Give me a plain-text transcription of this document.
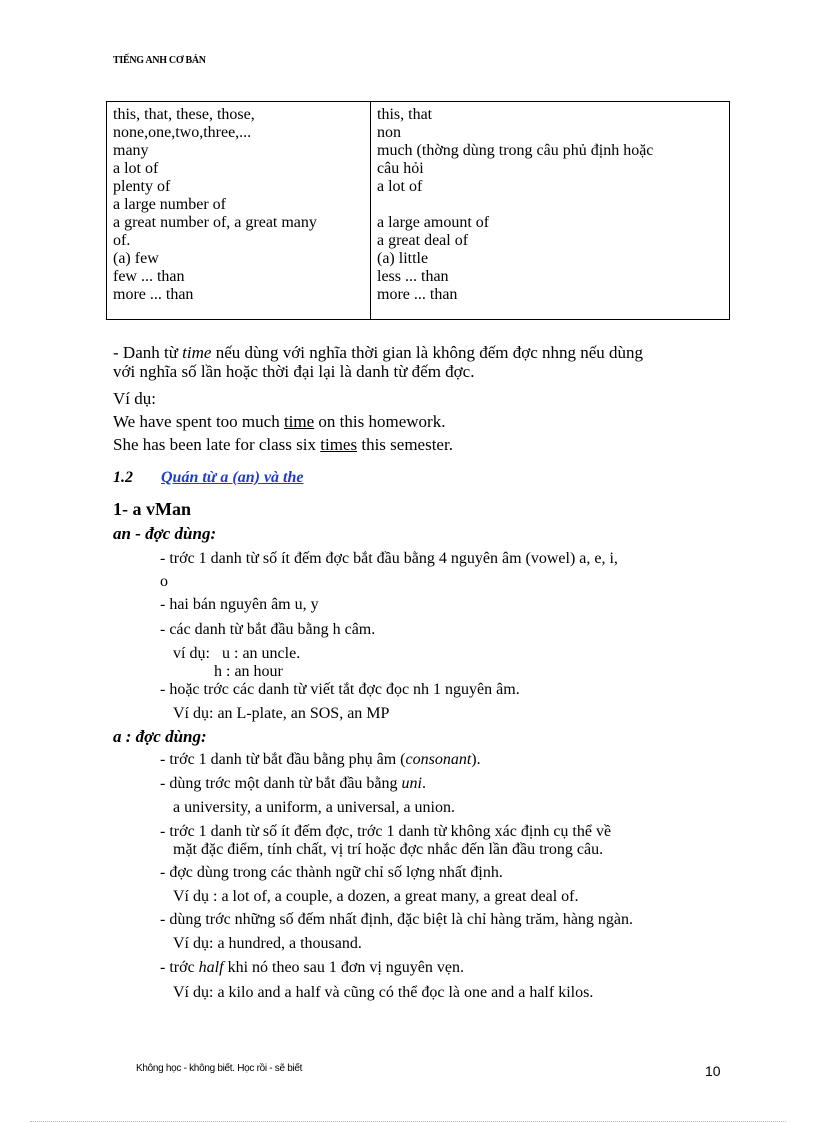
TIẾNG ANH CƠ BẢN
this, that, these, those,
none,one,two,three,...
many
a lot of
plenty of
a large number of
a great number of, a great many
of.
(a) few
few ... than
more ... than

this, that
non
much (thờng dùng trong câu phủ định hoặc
câu hỏi
a lot of
a large amount of
a great deal of
(a) little
less ... than
more ... than
- Danh từ time nếu dùng với nghĩa thời gian là không đếm đợc nhng nếu dùng
với nghĩa số lần hoặc thời đại lại là danh từ đếm đợc.
Ví dụ:
We have spent too much time on this homework.
She has been late for class six times this semester.
1.2 Quán từ a (an) và the
1- a vMan
an - đợc dùng:
- trớc 1 danh từ số ít đếm đợc bắt đầu bằng 4 nguyên âm (vowel) a, e, i,
o
- hai bán nguyên âm u, y
- các danh từ bắt đầu bằng h câm.
ví dụ: u : an uncle.
h : an hour
- hoặc trớc các danh từ viết tắt đợc đọc nh 1 nguyên âm.
Ví dụ: an L-plate, an SOS, an MP
a : đợc dùng:
- trớc 1 danh từ bắt đầu bằng phụ âm (consonant).
- dùng trớc một danh từ bắt đầu bằng uni.
a university, a uniform, a universal, a union.
- trớc 1 danh từ số ít đếm đợc, trớc 1 danh từ không xác định cụ thể về
mặt đặc điểm, tính chất, vị trí hoặc đợc nhắc đến lần đầu trong câu.
- đợc dùng trong các thành ngữ chỉ số lợng nhất định.
Ví dụ : a lot of, a couple, a dozen, a great many, a great deal of.
- dùng trớc những số đếm nhất định, đặc biệt là chỉ hàng trăm, hàng ngàn.
Ví dụ: a hundred, a thousand.
- trớc half khi nó theo sau 1 đơn vị nguyên vẹn.
Ví dụ: a kilo and a half và cũng có thể đọc là one and a half kilos.
Không học - không biết. Học rồi - sẽ biết	10
